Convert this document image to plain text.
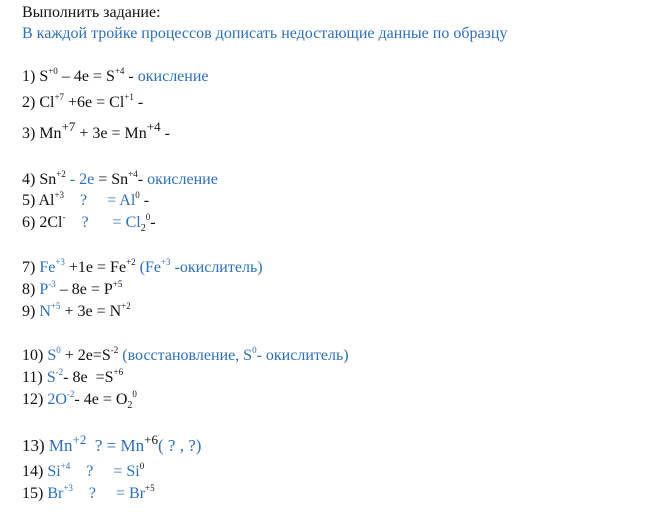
Выполнить задание:
В каждой тройке процессов дописать недостающие данные по образцу
1) $S^{+0} - 4e = S^{+4}$ - окисление
2) $Cl^{+7} +6e = Cl^{+1}$ -
3) $Mn^{+7} + 3e = Mn^{+4}$ -
4) $Sn^{+2} - 2e = Sn^{+4}-$ окисление
5) $Al^{+3}$    ?     = $Al^0$ -
6) 2Cl-    ?      = $Cl_2^0-$
7) $Fe^{+3} +1e = Fe^{+2}$ ($Fe^{+3}$ -окислитель)
8) $P^{-3} - 8e = P^{+5}$
9) $N^{+5} + 3e = N^{+2}$
10) $S^0 + 2e=S^{-2}$ (восстановление, $S^0-$ окислитель)
11) $S^{-2}-$ $8e =S^{+6}$
12) $2O^{-2}-$ $4e = O_2^0$
13) $Mn^{+2}$  ? = $Mn^{+6}$( ? , ?)
14) $Si^{+4}$    ?     = $Si^0$
15) $Br^{+3}$    ?     = $Br^{+5}$
